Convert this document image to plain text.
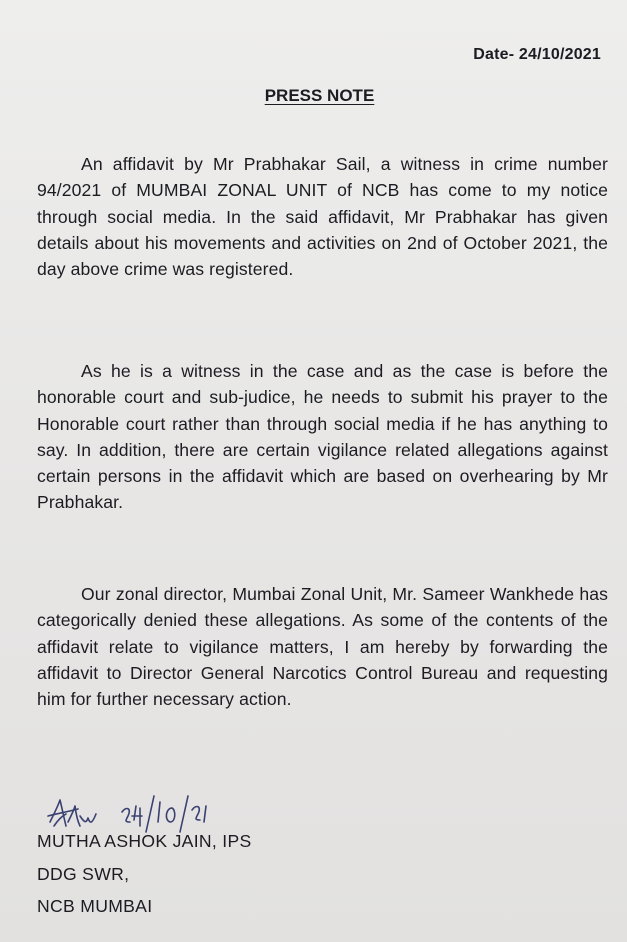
Date- 24/10/2021
PRESS NOTE

An affidavit by Mr Prabhakar Sail, a witness in crime number 94/2021 of MUMBAI ZONAL UNIT of NCB has come to my notice through social media. In the said affidavit, Mr Prabhakar has given details about his movements and activities on 2nd of October 2021, the day above crime was registered.

As he is a witness in the case and as the case is before the honorable court and sub-judice, he needs to submit his prayer to the Honorable court rather than through social media if he has anything to say. In addition, there are certain vigilance related allegations against certain persons in the affidavit which are based on overhearing by Mr Prabhakar.

Our zonal director, Mumbai Zonal Unit, Mr. Sameer Wankhede has categorically denied these allegations. As some of the contents of the affidavit relate to vigilance matters, I am hereby by forwarding the affidavit to Director General Narcotics Control Bureau and requesting him for further necessary action.

MUTHA ASHOK JAIN, IPS
DDG SWR,
NCB MUMBAI
